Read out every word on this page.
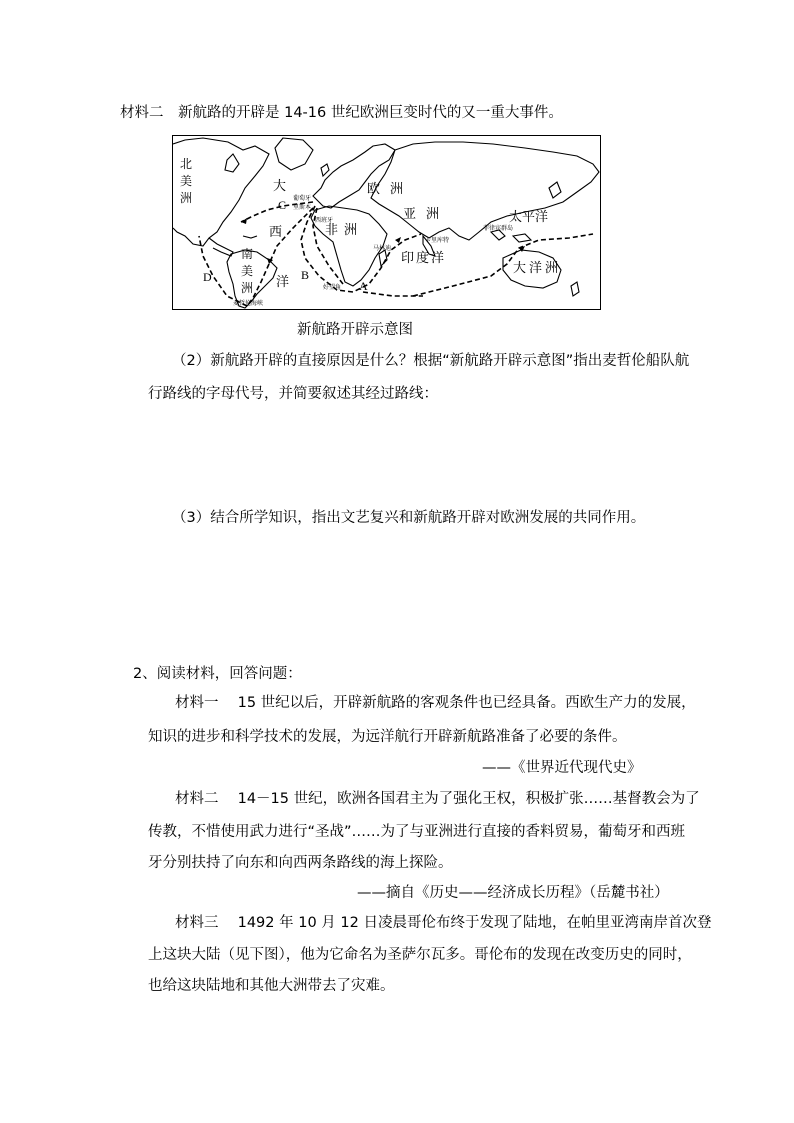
材料二　新航路的开辟是 14-16 世纪欧洲巨变时代的又一重大事件。
北美洲
大
西
洋
欧洲
亚洲
非洲
南美洲
太平洋
印度洋
大洋洲
葡萄牙
里斯本
西班牙
马林迪
卡里库特
菲律宾群岛
好望角
麦哲伦海峡
A
B
C
D
新航路开辟示意图
（2）新航路开辟的直接原因是什么？根据“新航路开辟示意图”指出麦哲伦船队航
行路线的字母代号，并简要叙述其经过路线：
（3）结合所学知识，指出文艺复兴和新航路开辟对欧洲发展的共同作用。
2、阅读材料，回答问题：
材料一　 15 世纪以后，开辟新航路的客观条件也已经具备。西欧生产力的发展，
知识的进步和科学技术的发展，为远洋航行开辟新航路准备了必要的条件。
——《世界近代现代史》
材料二　 14－15 世纪，欧洲各国君主为了强化王权，积极扩张……基督教会为了
传教，不惜使用武力进行“圣战”……为了与亚洲进行直接的香料贸易，葡萄牙和西班
牙分别扶持了向东和向西两条路线的海上探险。
——摘自《历史——经济成长历程》（岳麓书社）
材料三　 1492 年 10 月 12 日凌晨哥伦布终于发现了陆地，在帕里亚湾南岸首次登
上这块大陆（见下图），他为它命名为圣萨尔瓦多。哥伦布的发现在改变历史的同时，
也给这块陆地和其他大洲带去了灾难。
